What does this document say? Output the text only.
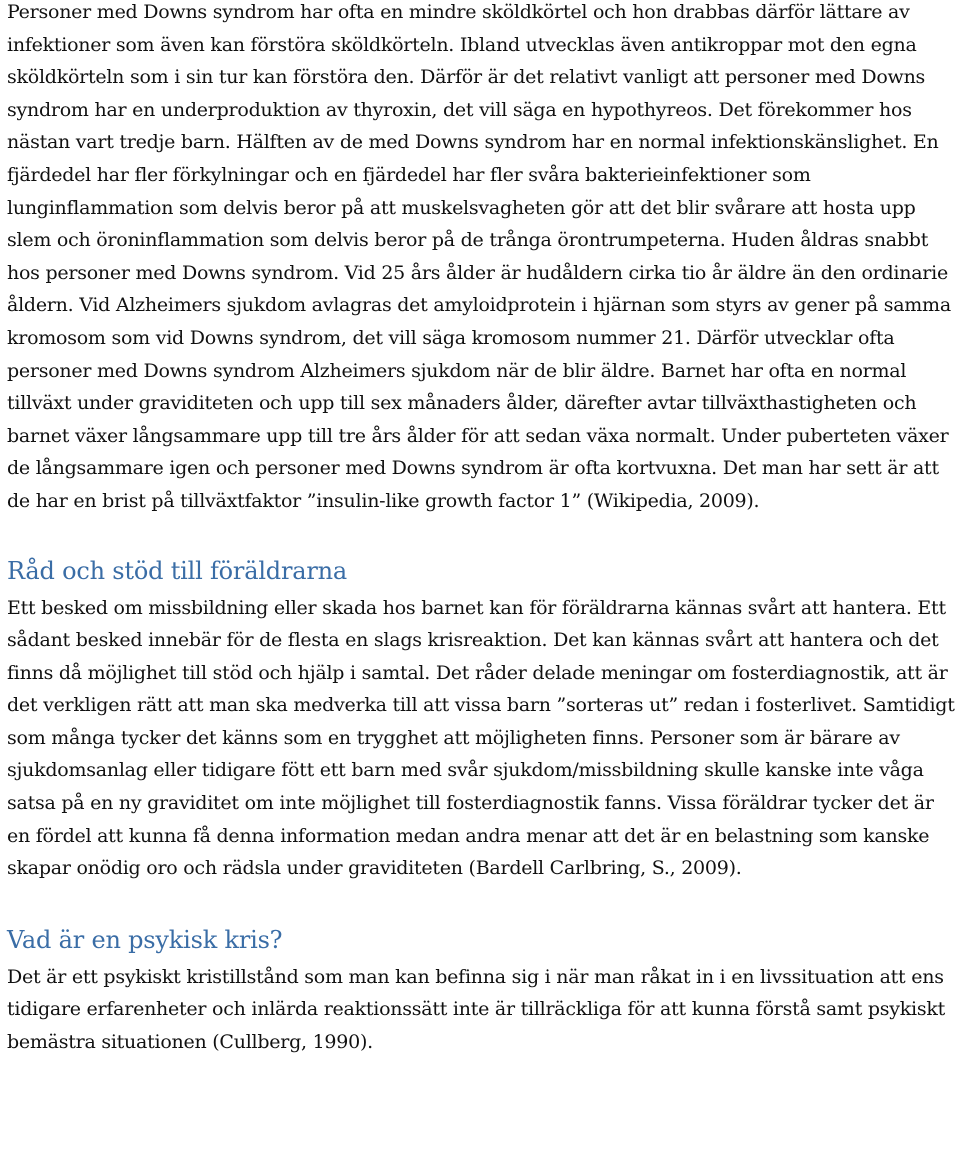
Personer med Downs syndrom har ofta en mindre sköldkörtel och hon drabbas därför lättare av infektioner som även kan förstöra sköldkörteln. Ibland utvecklas även antikroppar mot den egna sköldkörteln som i sin tur kan förstöra den. Därför är det relativt vanligt att personer med Downs syndrom har en underproduktion av thyroxin, det vill säga en hypothyreos. Det förekommer hos nästan vart tredje barn. Hälften av de med Downs syndrom har en normal infektionskänslighet. En fjärdedel har fler förkylningar och en fjärdedel har fler svåra bakterieinfektioner som lunginflammation som delvis beror på att muskelsvagheten gör att det blir svårare att hosta upp slem och öroninflammation som delvis beror på de trånga örontrumpeterna. Huden åldras snabbt hos personer med Downs syndrom. Vid 25 års ålder är hudåldern cirka tio år äldre än den ordinarie åldern. Vid Alzheimers sjukdom avlagras det amyloidprotein i hjärnan som styrs av gener på samma kromosom som vid Downs syndrom, det vill säga kromosom nummer 21. Därför utvecklar ofta personer med Downs syndrom Alzheimers sjukdom när de blir äldre. Barnet har ofta en normal tillväxt under graviditeten och upp till sex månaders ålder, därefter avtar tillväxthastigheten och barnet växer långsammare upp till tre års ålder för att sedan växa normalt. Under puberteten växer de långsammare igen och personer med Downs syndrom är ofta kortvuxna. Det man har sett är att de har en brist på tillväxtfaktor ”insulin-like growth factor 1” (Wikipedia, 2009).

Råd och stöd till föräldrarna

Ett besked om missbildning eller skada hos barnet kan för föräldrarna kännas svårt att hantera. Ett sådant besked innebär för de flesta en slags krisreaktion. Det kan kännas svårt att hantera och det finns då möjlighet till stöd och hjälp i samtal. Det råder delade meningar om fosterdiagnostik, att är det verkligen rätt att man ska medverka till att vissa barn ”sorteras ut” redan i fosterlivet. Samtidigt som många tycker det känns som en trygghet att möjligheten finns. Personer som är bärare av sjukdomsanlag eller tidigare fött ett barn med svår sjukdom/missbildning skulle kanske inte våga satsa på en ny graviditet om inte möjlighet till fosterdiagnostik fanns. Vissa föräldrar tycker det är en fördel att kunna få denna information medan andra menar att det är en belastning som kanske skapar onödig oro och rädsla under graviditeten (Bardell Carlbring, S., 2009).

Vad är en psykisk kris?

Det är ett psykiskt kristillstånd som man kan befinna sig i när man råkat in i en livssituation att ens tidigare erfarenheter och inlärda reaktionssätt inte är tillräckliga för att kunna förstå samt psykiskt bemästra situationen (Cullberg, 1990).
